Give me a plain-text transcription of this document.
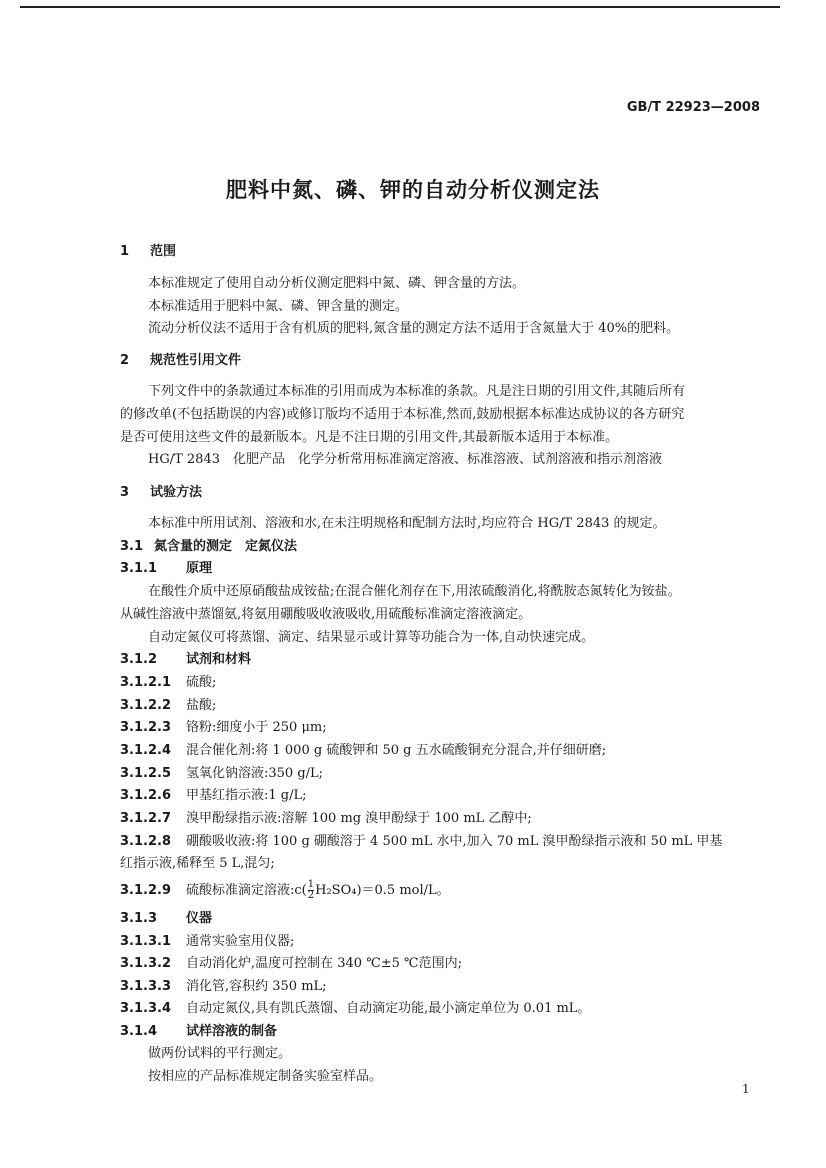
GB/T 22923—2008
肥料中氮、磷、钾的自动分析仪测定法
1 范围
本标准规定了使用自动分析仪测定肥料中氮、磷、钾含量的方法。
本标准适用于肥料中氮、磷、钾含量的测定。
流动分析仪法不适用于含有机质的肥料,氮含量的测定方法不适用于含氮量大于 40%的肥料。
2 规范性引用文件
下列文件中的条款通过本标准的引用而成为本标准的条款。凡是注日期的引用文件,其随后所有
的修改单(不包括勘误的内容)或修订版均不适用于本标准,然而,鼓励根据本标准达成协议的各方研究
是否可使用这些文件的最新版本。凡是不注日期的引用文件,其最新版本适用于本标准。
HG/T 2843　化肥产品　化学分析常用标准滴定溶液、标准溶液、试剂溶液和指示剂溶液
3 试验方法
本标准中所用试剂、溶液和水,在未注明规格和配制方法时,均应符合 HG/T 2843 的规定。
3.1 氮含量的测定　定氮仪法
3.1.1 原理
在酸性介质中还原硝酸盐成铵盐;在混合催化剂存在下,用浓硫酸消化,将酰胺态氮转化为铵盐。
从碱性溶液中蒸馏氨,将氨用硼酸吸收液吸收,用硫酸标准滴定溶液滴定。
自动定氮仪可将蒸馏、滴定、结果显示或计算等功能合为一体,自动快速完成。
3.1.2 试剂和材料
3.1.2.1 硫酸;
3.1.2.2 盐酸;
3.1.2.3 铬粉:细度小于 250 μm;
3.1.2.4 混合催化剂:将 1 000 g 硫酸钾和 50 g 五水硫酸铜充分混合,并仔细研磨;
3.1.2.5 氢氧化钠溶液:350 g/L;
3.1.2.6 甲基红指示液:1 g/L;
3.1.2.7 溴甲酚绿指示液:溶解 100 mg 溴甲酚绿于 100 mL 乙醇中;
3.1.2.8 硼酸吸收液:将 100 g 硼酸溶于 4 500 mL 水中,加入 70 mL 溴甲酚绿指示液和 50 mL 甲基
红指示液,稀释至 5 L,混匀;
3.1.2.9 硫酸标准滴定溶液:c( $\frac{1}{2} H_2SO_4)=0.5$ mol/L。
3.1.3 仪器
3.1.3.1 通常实验室用仪器;
3.1.3.2 自动消化炉,温度可控制在 340 ℃±5 ℃范围内;
3.1.3.3 消化管,容积约 350 mL;
3.1.3.4 自动定氮仪,具有凯氏蒸馏、自动滴定功能,最小滴定单位为 0.01 mL。
3.1.4 试样溶液的制备
做两份试料的平行测定。
按相应的产品标准规定制备实验室样品。
1
